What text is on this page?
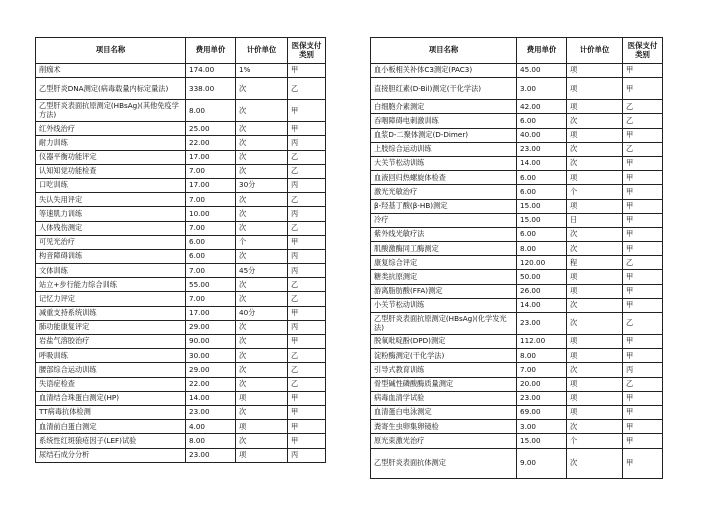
项目名称	费用单价	计价单位	医保支付类别
削痂术	174.00	1%	甲
乙型肝炎DNA测定(病毒载量内标定量法)	338.00	次	乙
乙型肝炎表面抗原测定(HBsAg)(其他免疫学方法)	8.00	次	甲
红外线治疗	25.00	次	甲
耐力训练	22.00	次	丙
仪器平衡功能评定	17.00	次	乙
认知知觉功能检查	7.00	次	乙
口吃训练	17.00	30分	丙
失认失用评定	7.00	次	乙
等速肌力训练	10.00	次	丙
人体残伤测定	7.00	次	乙
可见光治疗	6.00	个	甲
构音障碍训练	6.00	次	丙
文体训练	7.00	45分	丙
站立+步行能力综合训练	55.00	次	乙
记忆力评定	7.00	次	乙
减重支持系统训练	17.00	40分	甲
肺功能康复评定	29.00	次	丙
岩盐气溶胶治疗	90.00	次	甲
呼吸训练	30.00	次	乙
腰部综合运动训练	29.00	次	乙
失语症检查	22.00	次	乙
血清结合珠蛋白测定(HP)	14.00	项	甲
TT病毒抗体检测	23.00	次	甲
血清前白蛋白测定	4.00	项	甲
系统性红斑狼疮因子(LEF)试验	8.00	次	甲
尿结石成分分析	23.00	项	丙
项目名称	费用单价	计价单位	医保支付类别
血小板相关补体C3测定(PAC3)	45.00	项	甲
直接胆红素(D-Bil)测定(干化学法)	3.00	项	甲
白细胞介素测定	42.00	项	乙
吞咽障碍电刺激训练	6.00	次	乙
血浆D-二聚体测定(D-Dimer)	40.00	项	甲
上肢综合运动训练	23.00	次	乙
大关节松动训练	14.00	次	甲
血液回归热螺旋体检查	6.00	项	甲
激光光敏治疗	6.00	个	甲
β-羟基丁酸(β-HB)测定	15.00	项	甲
冷疗	15.00	日	甲
紫外线光敏疗法	6.00	次	甲
肌酸激酶同工酶测定	8.00	次	甲
康复综合评定	120.00	程	乙
糖类抗原测定	50.00	项	甲
游离脂肪酸(FFA)测定	26.00	项	甲
小关节松动训练	14.00	次	甲
乙型肝炎表面抗原测定(HBsAg)(化学发光法)	23.00	次	乙
脱氧吡啶酚(DPD)测定	112.00	项	甲
淀粉酶测定(干化学法)	8.00	项	甲
引导式教育训练	7.00	次	丙
骨型碱性磷酸酶质量测定	20.00	项	乙
病毒血清学试验	23.00	项	甲
血清蛋白电泳测定	69.00	项	甲
粪寄生虫卵集卵镜检	3.00	次	甲
原光束激光治疗	15.00	个	甲
乙型肝炎表面抗体测定	9.00	次	甲
